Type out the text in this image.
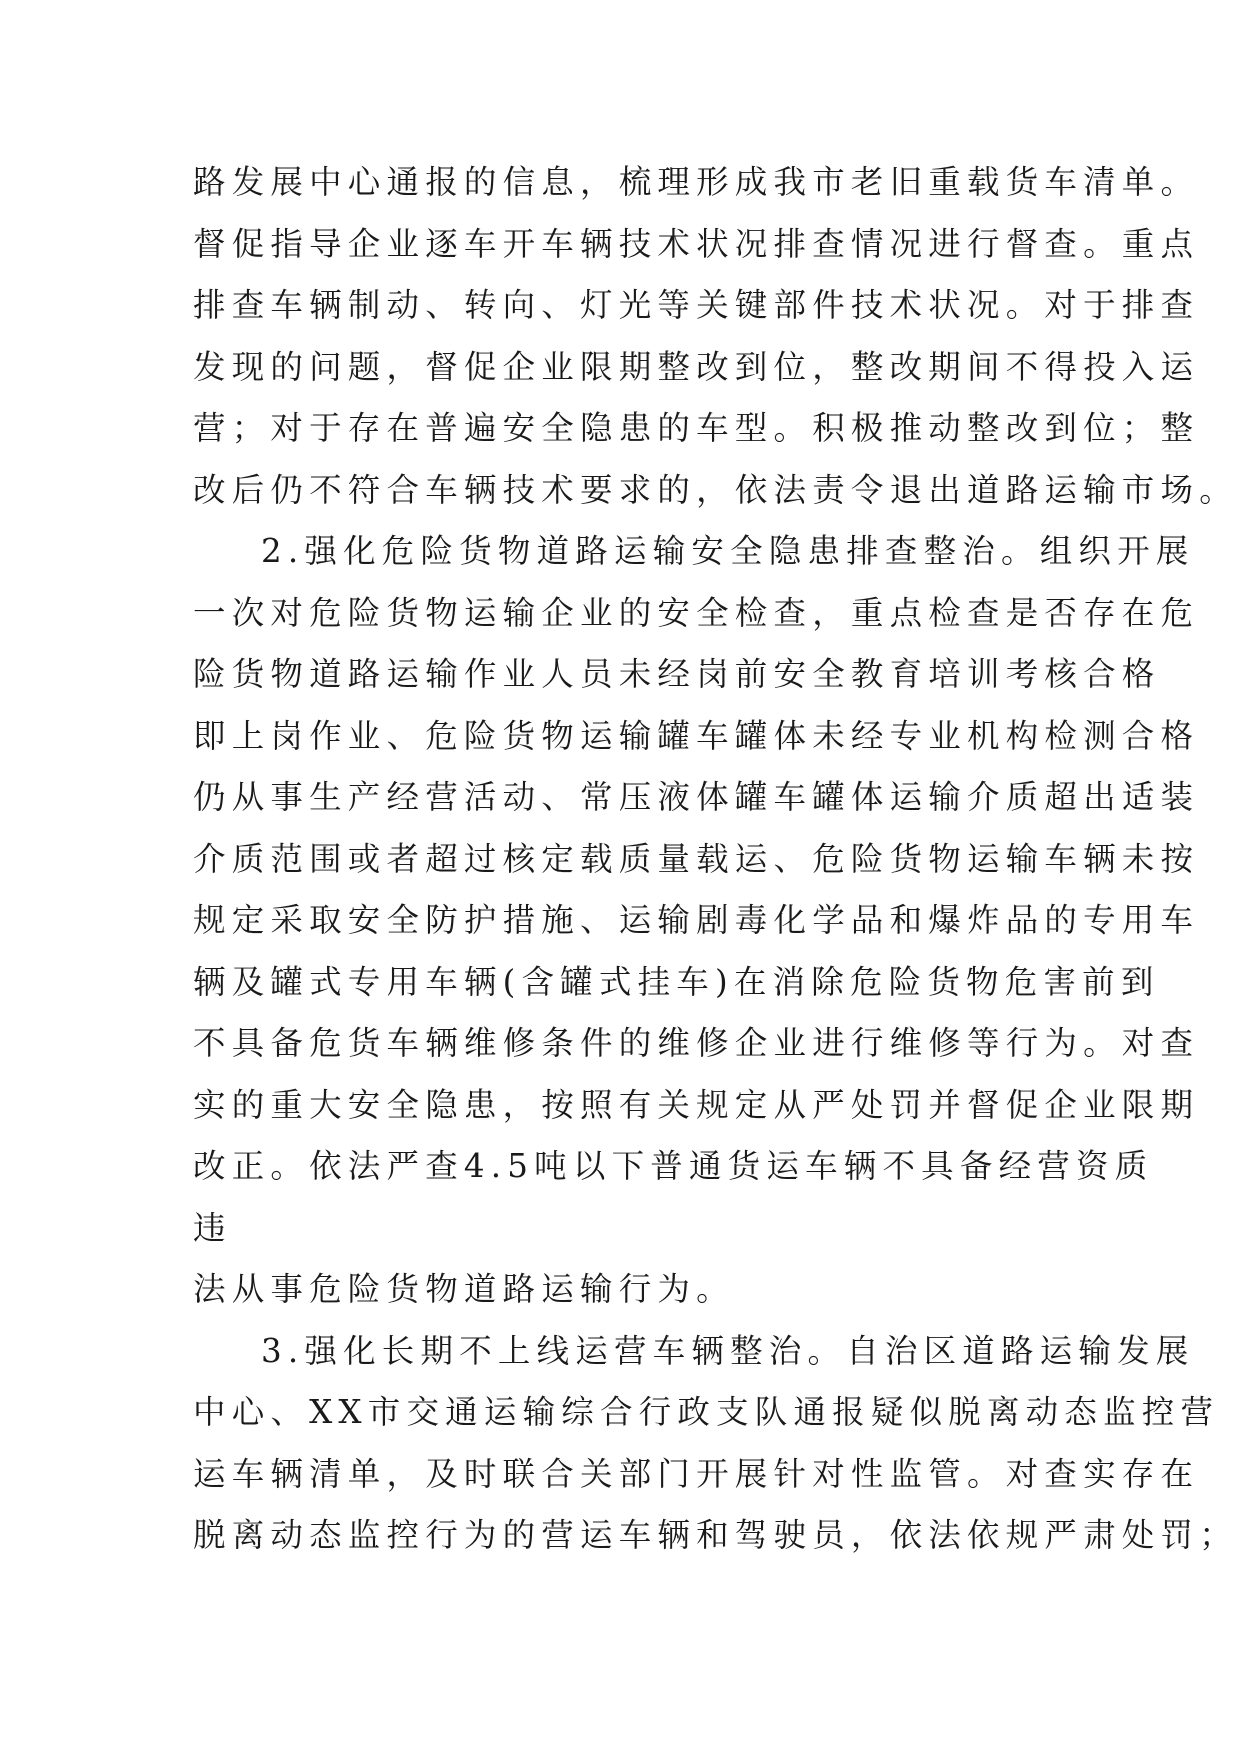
路发展中心通报的信息，梳理形成我市老旧重载货车清单。
督促指导企业逐车开车辆技术状况排查情况进行督查。重点
排查车辆制动、转向、灯光等关键部件技术状况。对于排查
发现的问题，督促企业限期整改到位，整改期间不得投入运
营；对于存在普遍安全隐患的车型。积极推动整改到位；整
改后仍不符合车辆技术要求的，依法责令退出道路运输市场。
2.强化危险货物道路运输安全隐患排查整治。组织开展
一次对危险货物运输企业的安全检查，重点检查是否存在危
险货物道路运输作业人员未经岗前安全教育培训考核合格
即上岗作业、危险货物运输罐车罐体未经专业机构检测合格
仍从事生产经营活动、常压液体罐车罐体运输介质超出适装
介质范围或者超过核定载质量载运、危险货物运输车辆未按
规定采取安全防护措施、运输剧毒化学品和爆炸品的专用车
辆及罐式专用车辆(含罐式挂车)在消除危险货物危害前到
不具备危货车辆维修条件的维修企业进行维修等行为。对查
实的重大安全隐患，按照有关规定从严处罚并督促企业限期
改正。依法严查4.5吨以下普通货运车辆不具备经营资质
违
法从事危险货物道路运输行为。
3.强化长期不上线运营车辆整治。自治区道路运输发展
中心、XX市交通运输综合行政支队通报疑似脱离动态监控营
运车辆清单，及时联合关部门开展针对性监管。对查实存在
脱离动态监控行为的营运车辆和驾驶员，依法依规严肃处罚；
